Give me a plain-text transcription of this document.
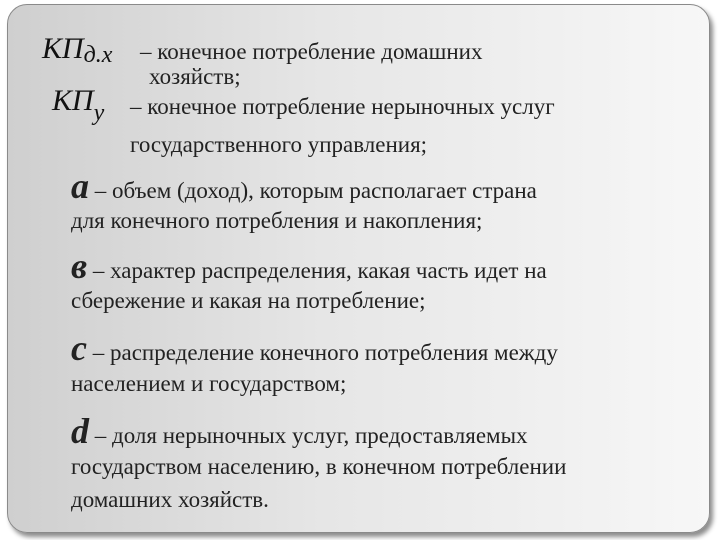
$КП_{д.х}$ – конечное потребление домашних
хозяйств;
$КП_у$ – конечное потребление нерыночных услуг
государственного управления;
а – объем (доход), которым располагает страна
для конечного потребления и накопления;
в – характер распределения, какая часть идет на
сбережение и какая на потребление;
с – распределение конечного потребления между
населением и государством;
d – доля нерыночных услуг, предоставляемых
государством населению, в конечном потреблении
домашних хозяйств.
